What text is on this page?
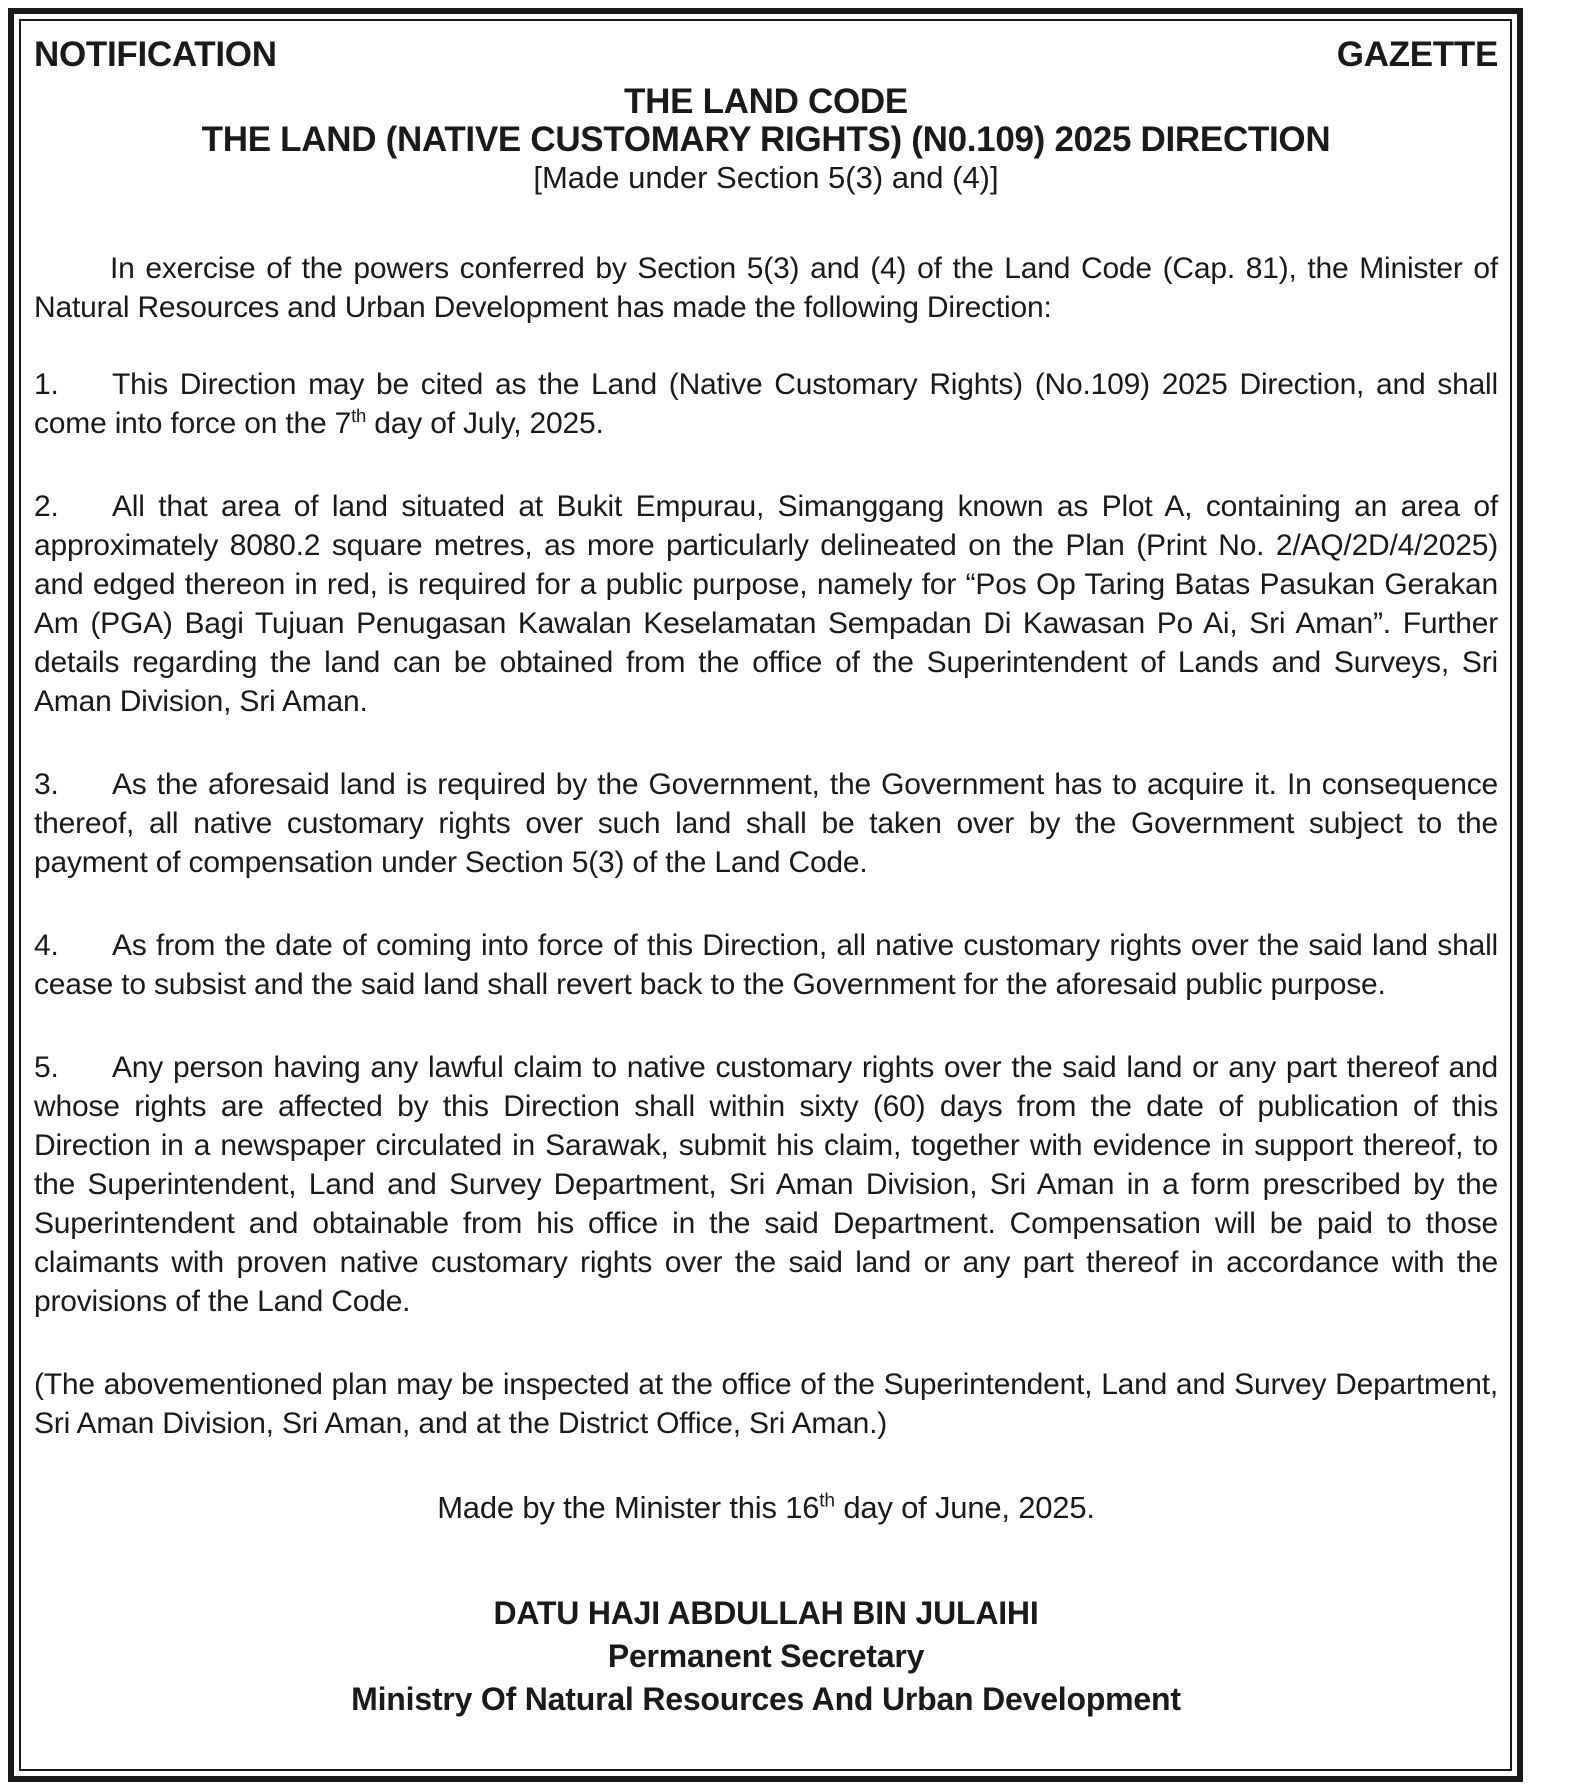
NOTIFICATION	GAZETTE
THE LAND CODE
THE LAND (NATIVE CUSTOMARY RIGHTS) (N0.109) 2025 DIRECTION
[Made under Section 5(3) and (4)]

In exercise of the powers conferred by Section 5(3) and (4) of the Land Code (Cap. 81), the Minister of Natural Resources and Urban Development has made the following Direction:

1. This Direction may be cited as the Land (Native Customary Rights) (No.109) 2025 Direction, and shall come into force on the 7th day of July, 2025.

2. All that area of land situated at Bukit Empurau, Simanggang known as Plot A, containing an area of approximately 8080.2 square metres, as more particularly delineated on the Plan (Print No. 2/AQ/2D/4/2025) and edged thereon in red, is required for a public purpose, namely for “Pos Op Taring Batas Pasukan Gerakan Am (PGA) Bagi Tujuan Penugasan Kawalan Keselamatan Sempadan Di Kawasan Po Ai, Sri Aman”. Further details regarding the land can be obtained from the office of the Superintendent of Lands and Surveys, Sri Aman Division, Sri Aman.

3. As the aforesaid land is required by the Government, the Government has to acquire it. In consequence thereof, all native customary rights over such land shall be taken over by the Government subject to the payment of compensation under Section 5(3) of the Land Code.

4. As from the date of coming into force of this Direction, all native customary rights over the said land shall cease to subsist and the said land shall revert back to the Government for the aforesaid public purpose.

5. Any person having any lawful claim to native customary rights over the said land or any part thereof and whose rights are affected by this Direction shall within sixty (60) days from the date of publication of this Direction in a newspaper circulated in Sarawak, submit his claim, together with evidence in support thereof, to the Superintendent, Land and Survey Department, Sri Aman Division, Sri Aman in a form prescribed by the Superintendent and obtainable from his office in the said Department. Compensation will be paid to those claimants with proven native customary rights over the said land or any part thereof in accordance with the provisions of the Land Code.

(The abovementioned plan may be inspected at the office of the Superintendent, Land and Survey Department, Sri Aman Division, Sri Aman, and at the District Office, Sri Aman.)

Made by the Minister this 16th day of June, 2025.

DATU HAJI ABDULLAH BIN JULAIHI
Permanent Secretary
Ministry Of Natural Resources And Urban Development
